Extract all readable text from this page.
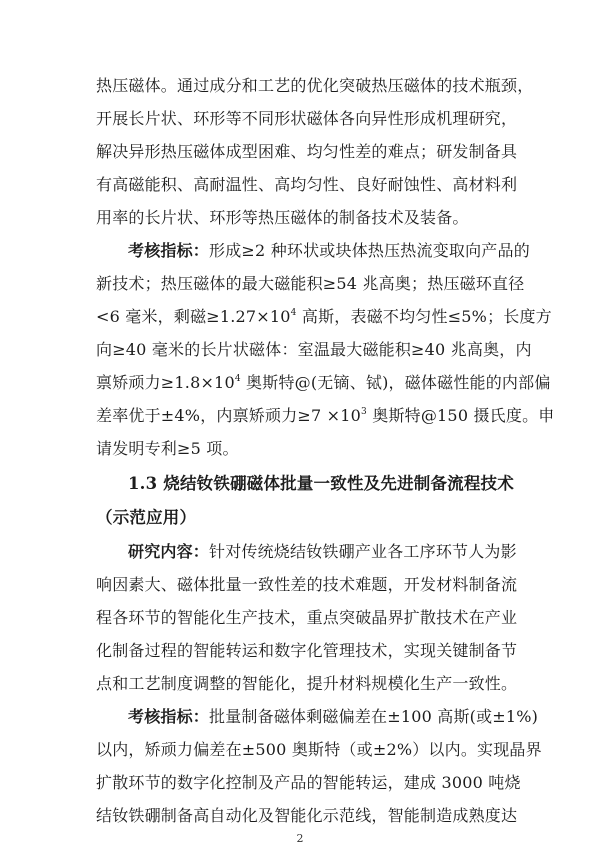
热压磁体。通过成分和工艺的优化突破热压磁体的技术瓶颈，
开展长片状、环形等不同形状磁体各向异性形成机理研究，
解决异形热压磁体成型困难、均匀性差的难点；研发制备具
有高磁能积、高耐温性、高均匀性、良好耐蚀性、高材料利
用率的长片状、环形等热压磁体的制备技术及装备。
考核指标：形成≥2 种环状或块体热压热流变取向产品的
新技术；热压磁体的最大磁能积≥54 兆高奥；热压磁环直径
<6 毫米，剩磁$\ge 1.27\times 10^4$ 高斯，表磁不均匀性≤5%；长度方
向≥40 毫米的长片状磁体：室温最大磁能积≥40 兆高奥，内
禀矫顽力$\ge 1.8\times 10^4$ 奥斯特@(无镝、铽)，磁体磁性能的内部偏
差率优于±4%，内禀矫顽力$\ge 7 \times 10^3$ 奥斯特@150 摄氏度。申
请发明专利≥5 项。
1.3 烧结钕铁硼磁体批量一致性及先进制备流程技术
（示范应用）
研究内容：针对传统烧结钕铁硼产业各工序环节人为影
响因素大、磁体批量一致性差的技术难题，开发材料制备流
程各环节的智能化生产技术，重点突破晶界扩散技术在产业
化制备过程的智能转运和数字化管理技术，实现关键制备节
点和工艺制度调整的智能化，提升材料规模化生产一致性。
考核指标：批量制备磁体剩磁偏差在±100 高斯(或±1%)
以内，矫顽力偏差在±500 奥斯特（或±2%）以内。实现晶界
扩散环节的数字化控制及产品的智能转运，建成 3000 吨烧
结钕铁硼制备高自动化及智能化示范线，智能制造成熟度达
2
